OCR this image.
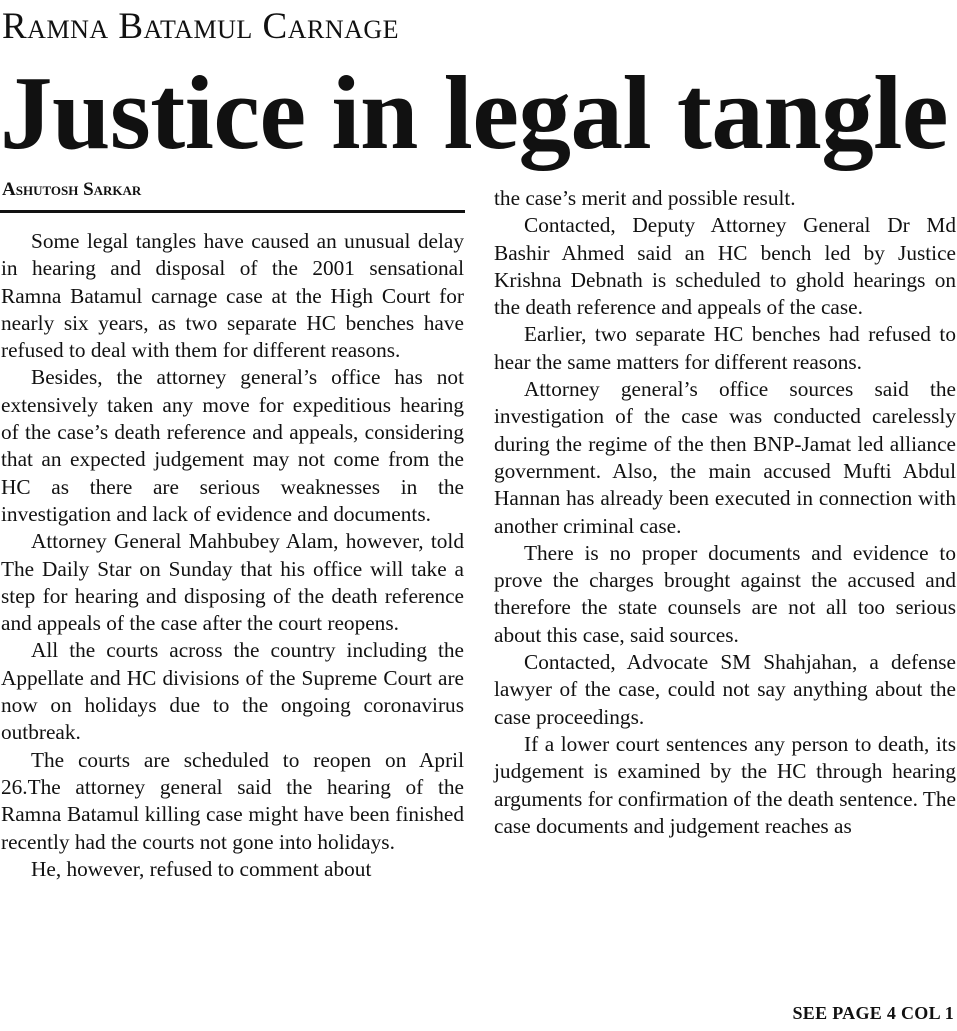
Ramna Batamul Carnage
Justice in legal tangle
Ashutosh Sarkar

Some legal tangles have caused an unusual delay in hearing and disposal of the 2001 sensational Ramna Batamul carnage case at the High Court for nearly six years, as two separate HC benches have refused to deal with them for different reasons.

Besides, the attorney general’s office has not extensively taken any move for expeditious hearing of the case’s death reference and appeals, considering that an expected judgement may not come from the HC as there are serious weaknesses in the investigation and lack of evidence and documents.

Attorney General Mahbubey Alam, however, told The Daily Star on Sunday that his office will take a step for hearing and disposing of the death reference and appeals of the case after the court reopens.

All the courts across the country including the Appellate and HC divisions of the Supreme Court are now on holidays due to the ongoing coronavirus outbreak.

The courts are scheduled to reopen on April 26.The attorney general said the hearing of the Ramna Batamul killing case might have been finished recently had the courts not gone into holidays.

He, however, refused to comment about

the case’s merit and possible result.

Contacted, Deputy Attorney General Dr Md Bashir Ahmed said an HC bench led by Justice Krishna Debnath is scheduled to ghold hearings on the death reference and appeals of the case.

Earlier, two separate HC benches had refused to hear the same matters for different reasons.

Attorney general’s office sources said the investigation of the case was conducted carelessly during the regime of the then BNP-Jamat led alliance government. Also, the main accused Mufti Abdul Hannan has already been executed in connection with another criminal case.

There is no proper documents and evidence to prove the charges brought against the accused and therefore the state counsels are not all too serious about this case, said sources.

Contacted, Advocate SM Shahjahan, a defense lawyer of the case, could not say anything about the case proceedings.

If a lower court sentences any person to death, its judgement is examined by the HC through hearing arguments for confirmation of the death sentence. The case documents and judgement reaches as

SEE PAGE 4 COL 1
